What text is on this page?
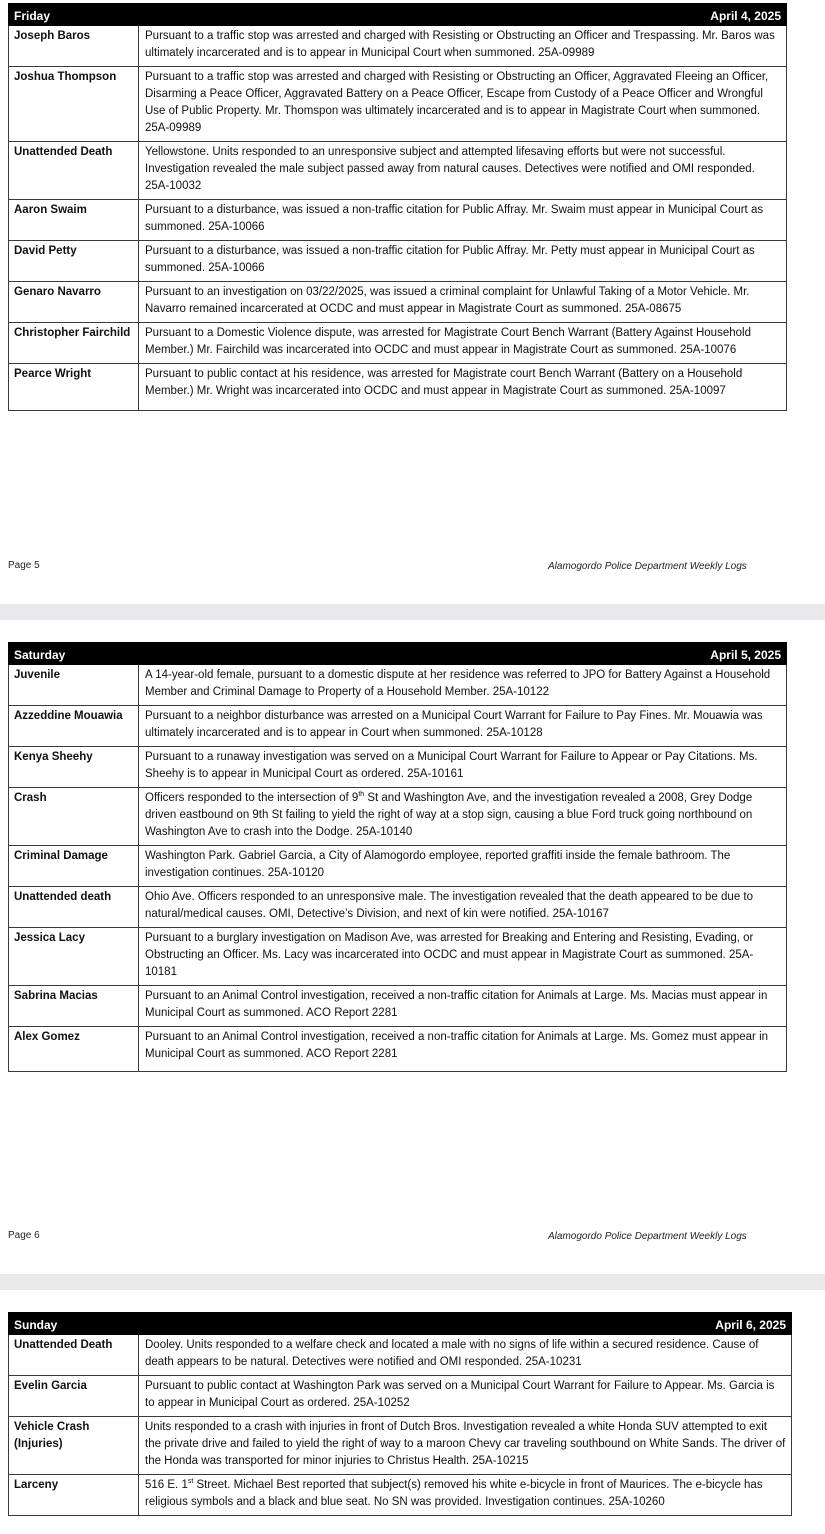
Friday	April 4, 2025
Joseph Baros	Pursuant to a traffic stop was arrested and charged with Resisting or Obstructing an Officer and Trespassing. Mr. Baros was ultimately incarcerated and is to appear in Municipal Court when summoned. 25A-09989
Joshua Thompson	Pursuant to a traffic stop was arrested and charged with Resisting or Obstructing an Officer, Aggravated Fleeing an Officer, Disarming a Peace Officer, Aggravated Battery on a Peace Officer, Escape from Custody of a Peace Officer and Wrongful Use of Public Property. Mr. Thomspon was ultimately incarcerated and is to appear in Magistrate Court when summoned. 25A-09989
Unattended Death	Yellowstone. Units responded to an unresponsive subject and attempted lifesaving efforts but were not successful. Investigation revealed the male subject passed away from natural causes. Detectives were notified and OMI responded. 25A-10032
Aaron Swaim	Pursuant to a disturbance, was issued a non-traffic citation for Public Affray. Mr. Swaim must appear in Municipal Court as summoned. 25A-10066
David Petty	Pursuant to a disturbance, was issued a non-traffic citation for Public Affray. Mr. Petty must appear in Municipal Court as summoned. 25A-10066
Genaro Navarro	Pursuant to an investigation on 03/22/2025, was issued a criminal complaint for Unlawful Taking of a Motor Vehicle. Mr. Navarro remained incarcerated at OCDC and must appear in Magistrate Court as summoned. 25A-08675
Christopher Fairchild	Pursuant to a Domestic Violence dispute, was arrested for Magistrate Court Bench Warrant (Battery Against Household Member.) Mr. Fairchild was incarcerated into OCDC and must appear in Magistrate Court as summoned. 25A-10076
Pearce Wright	Pursuant to public contact at his residence, was arrested for Magistrate court Bench Warrant (Battery on a Household Member.) Mr. Wright was incarcerated into OCDC and must appear in Magistrate Court as summoned. 25A-10097
Page 5	Alamogordo Police Department Weekly Logs
Saturday	April 5, 2025
Juvenile	A 14-year-old female, pursuant to a domestic dispute at her residence was referred to JPO for Battery Against a Household Member and Criminal Damage to Property of a Household Member. 25A-10122
Azzeddine Mouawia	Pursuant to a neighbor disturbance was arrested on a Municipal Court Warrant for Failure to Pay Fines. Mr. Mouawia was ultimately incarcerated and is to appear in Court when summoned. 25A-10128
Kenya Sheehy	Pursuant to a runaway investigation was served on a Municipal Court Warrant for Failure to Appear or Pay Citations. Ms. Sheehy is to appear in Municipal Court as ordered. 25A-10161
Crash	Officers responded to the intersection of 9th St and Washington Ave, and the investigation revealed a 2008, Grey Dodge driven eastbound on 9th St failing to yield the right of way at a stop sign, causing a blue Ford truck going northbound on Washington Ave to crash into the Dodge. 25A-10140
Criminal Damage	Washington Park. Gabriel Garcia, a City of Alamogordo employee, reported graffiti inside the female bathroom. The investigation continues. 25A-10120
Unattended death	Ohio Ave. Officers responded to an unresponsive male. The investigation revealed that the death appeared to be due to natural/medical causes. OMI, Detective’s Division, and next of kin were notified. 25A-10167
Jessica Lacy	Pursuant to a burglary investigation on Madison Ave, was arrested for Breaking and Entering and Resisting, Evading, or Obstructing an Officer. Ms. Lacy was incarcerated into OCDC and must appear in Magistrate Court as summoned. 25A-10181
Sabrina Macias	Pursuant to an Animal Control investigation, received a non-traffic citation for Animals at Large. Ms. Macias must appear in Municipal Court as summoned. ACO Report 2281
Alex Gomez	Pursuant to an Animal Control investigation, received a non-traffic citation for Animals at Large. Ms. Gomez must appear in Municipal Court as summoned. ACO Report 2281
Page 6	Alamogordo Police Department Weekly Logs
Sunday	April 6, 2025
Unattended Death	Dooley. Units responded to a welfare check and located a male with no signs of life within a secured residence. Cause of death appears to be natural. Detectives were notified and OMI responded. 25A-10231
Evelin Garcia	Pursuant to public contact at Washington Park was served on a Municipal Court Warrant for Failure to Appear. Ms. Garcia is to appear in Municipal Court as ordered. 25A-10252
Vehicle Crash (Injuries)	Units responded to a crash with injuries in front of Dutch Bros. Investigation revealed a white Honda SUV attempted to exit the private drive and failed to yield the right of way to a maroon Chevy car traveling southbound on White Sands. The driver of the Honda was transported for minor injuries to Christus Health. 25A-10215
Larceny	516 E. 1st Street. Michael Best reported that subject(s) removed his white e-bicycle in front of Maurices. The e-bicycle has religious symbols and a black and blue seat. No SN was provided. Investigation continues. 25A-10260
